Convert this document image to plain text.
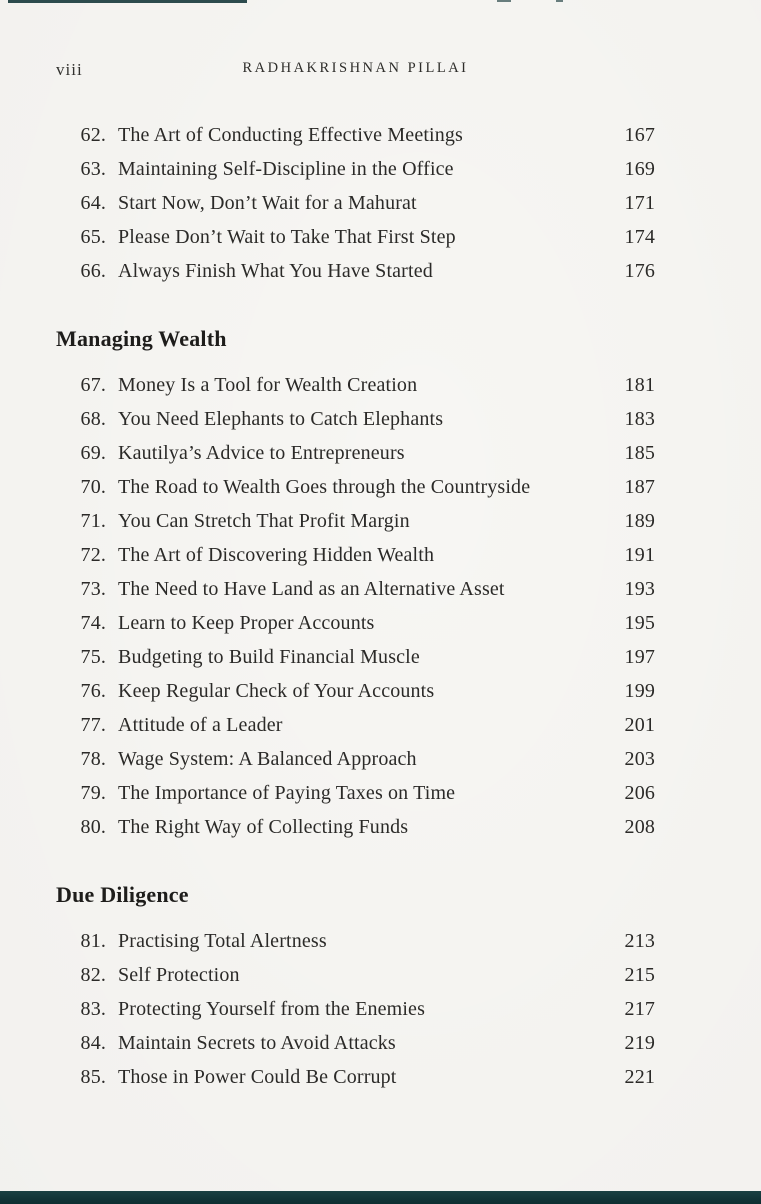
viii	RADHAKRISHNAN PILLAI
62. The Art of Conducting Effective Meetings	167
63. Maintaining Self-Discipline in the Office	169
64. Start Now, Don’t Wait for a Mahurat	171
65. Please Don’t Wait to Take That First Step	174
66. Always Finish What You Have Started	176
Managing Wealth
67. Money Is a Tool for Wealth Creation	181
68. You Need Elephants to Catch Elephants	183
69. Kautilya’s Advice to Entrepreneurs	185
70. The Road to Wealth Goes through the Countryside	187
71. You Can Stretch That Profit Margin	189
72. The Art of Discovering Hidden Wealth	191
73. The Need to Have Land as an Alternative Asset	193
74. Learn to Keep Proper Accounts	195
75. Budgeting to Build Financial Muscle	197
76. Keep Regular Check of Your Accounts	199
77. Attitude of a Leader	201
78. Wage System: A Balanced Approach	203
79. The Importance of Paying Taxes on Time	206
80. The Right Way of Collecting Funds	208
Due Diligence
81. Practising Total Alertness	213
82. Self Protection	215
83. Protecting Yourself from the Enemies	217
84. Maintain Secrets to Avoid Attacks	219
85. Those in Power Could Be Corrupt	221
